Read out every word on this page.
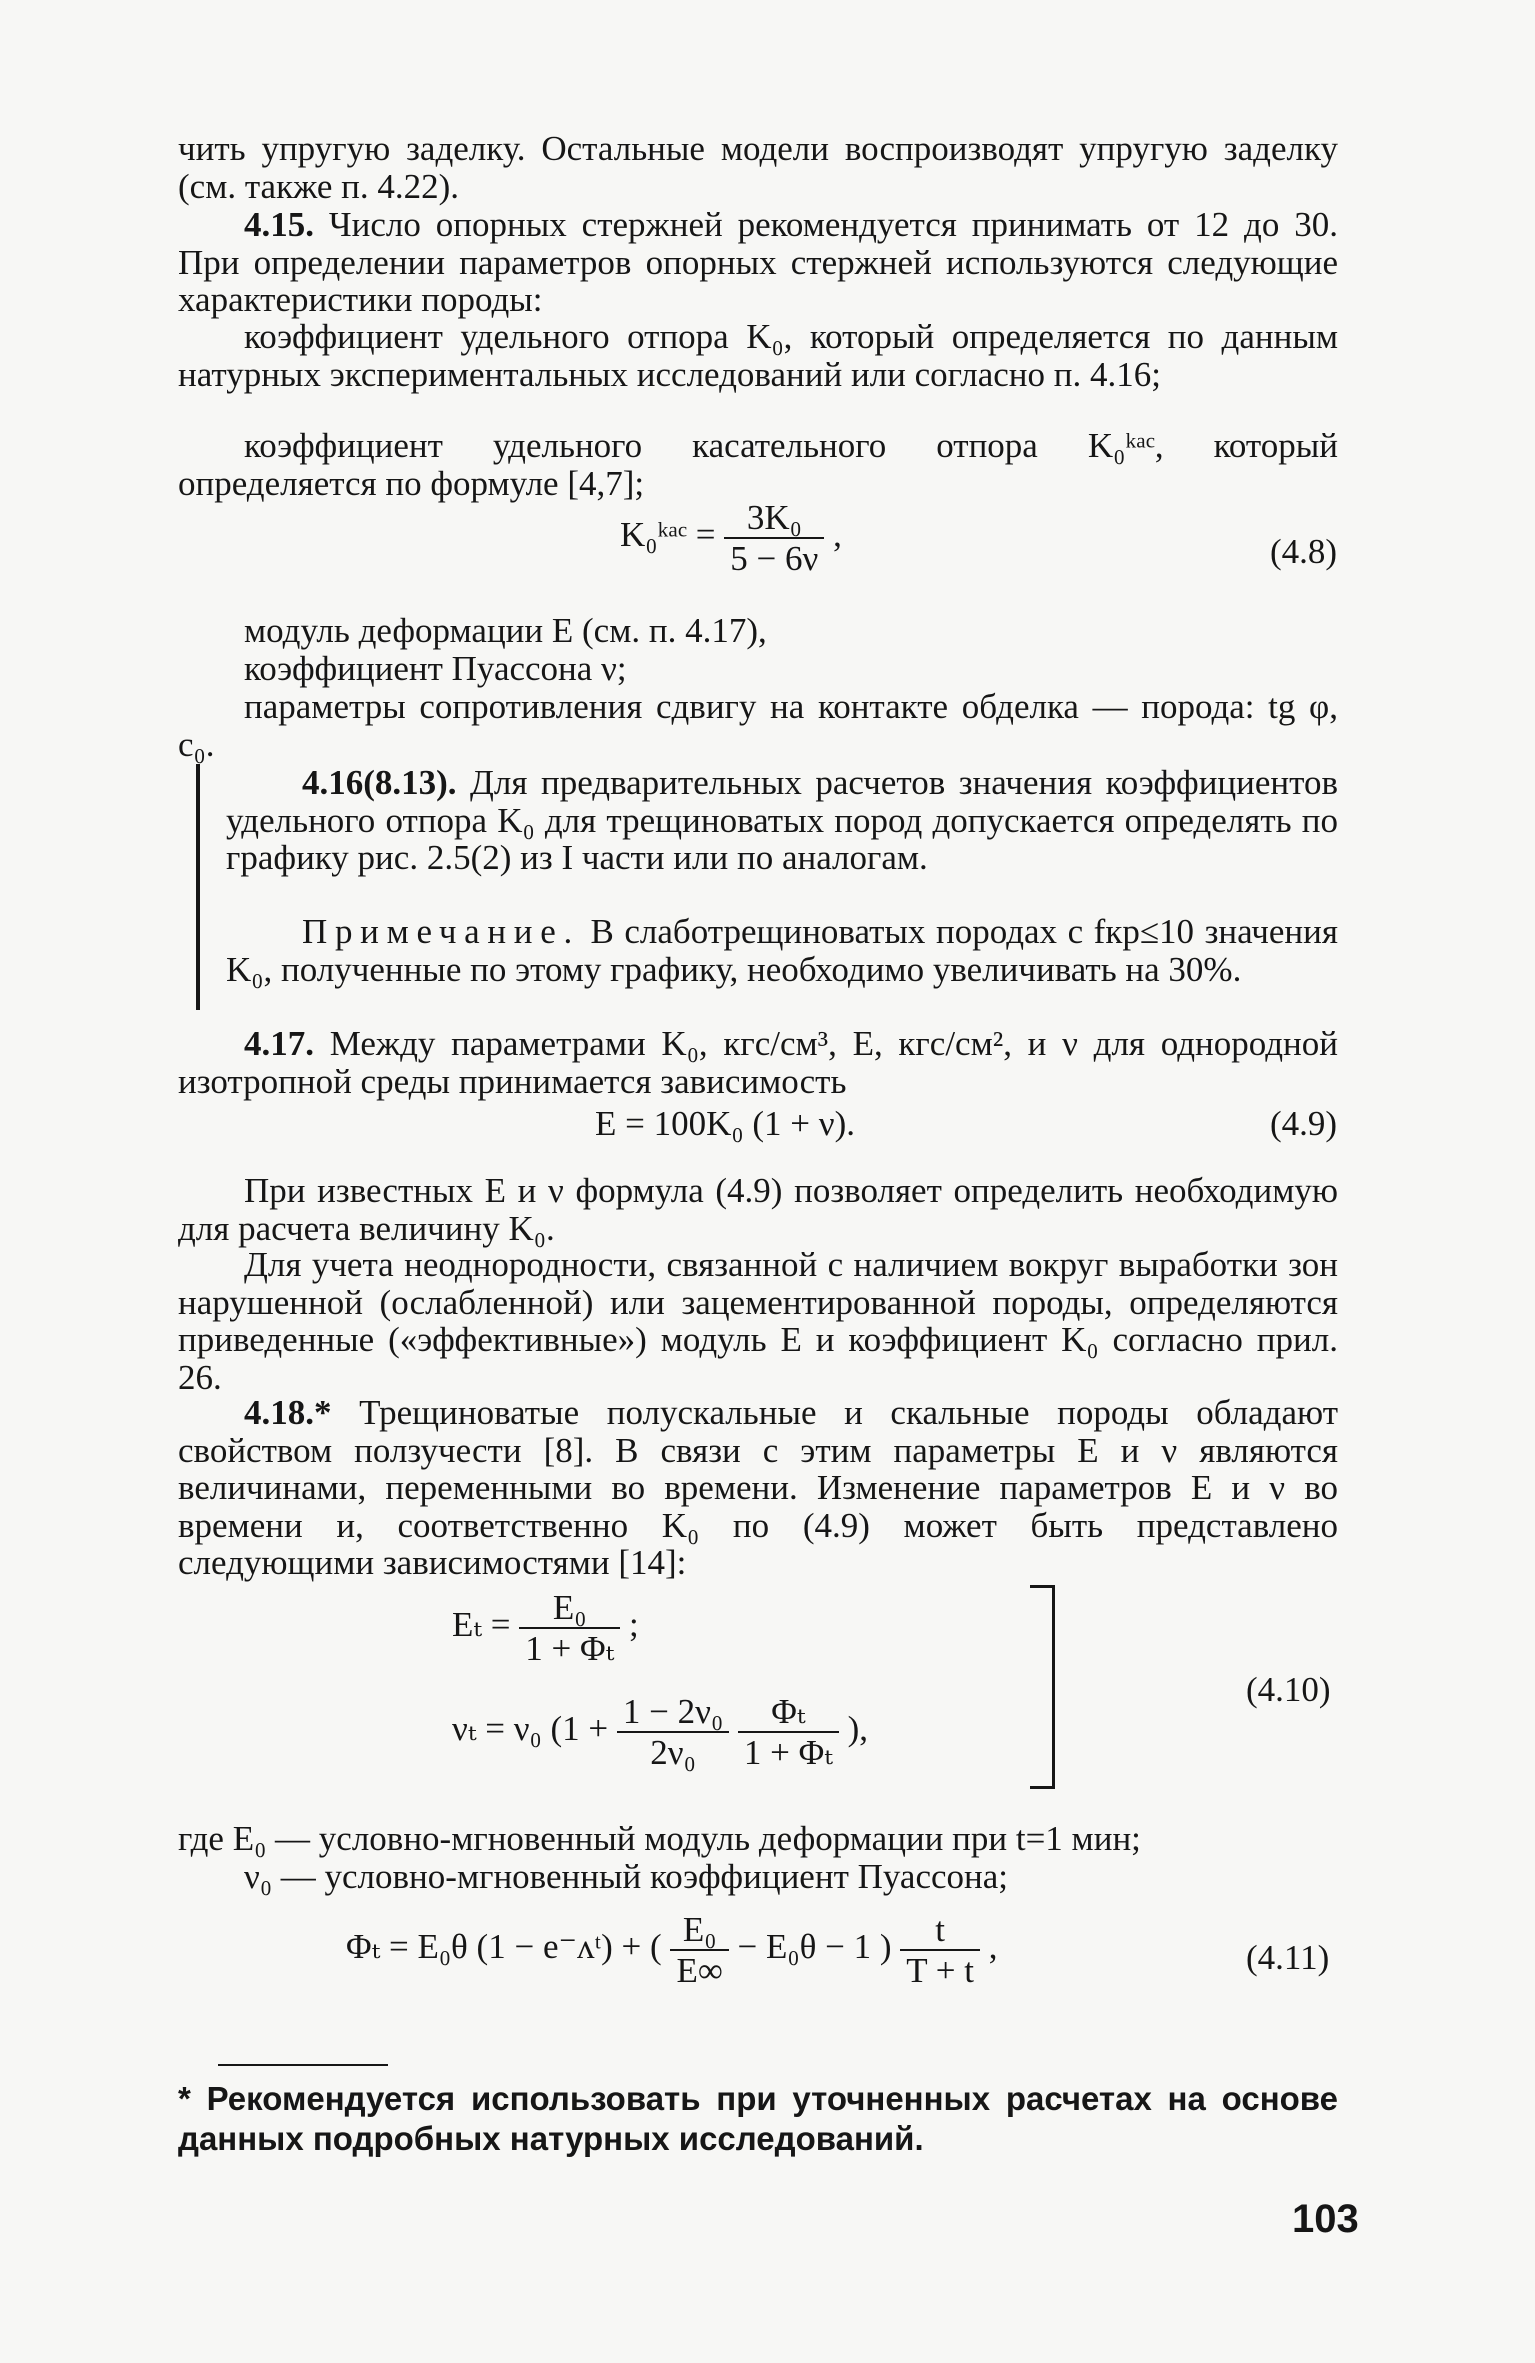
чить упругую заделку. Остальные модели воспроизводят упругую заделку (см. также п. 4.22).

4.15. Число опорных стержней рекомендуется принимать от 12 до 30. При определении параметров опорных стержней используются следующие характеристики породы:

коэффициент удельного отпора K₀, который определяется по данным натурных экспериментальных исследований или согласно п. 4.16;

коэффициент удельного касательного отпора K₀ᵏᵃᶜ, который определяется по формуле [4,7];

K₀ᵏᵃᶜ = $\frac{\text{3K₀}}{5 - 6\nu}$ ,	(4.8)

модуль деформации E (см. п. 4.17),

коэффициент Пуассона ν;

параметры сопротивления сдвигу на контакте обделка — порода: tg φ, c₀.

4.16(8.13). Для предварительных расчетов значения коэффициентов удельного отпора K₀ для трещиноватых пород допускается определять по графику рис. 2.5(2) из I части или по аналогам.

Примечание. В слаботрещиноватых породах с fкр≤10 значения K₀, полученные по этому графику, необходимо увеличивать на 30%.

4.17. Между параметрами K₀, кгс/см³, E, кгс/см², и ν для однородной изотропной среды принимается зависимость

E = 100K₀ (1 + ν).	(4.9)

При известных E и ν формула (4.9) позволяет определить необходимую для расчета величину K₀.

Для учета неоднородности, связанной с наличием вокруг выработки зон нарушенной (ослабленной) или зацементированной породы, определяются приведенные («эффективные») модуль E и коэффициент K₀ согласно прил. 26.

4.18.* Трещиноватые полускальные и скальные породы обладают свойством ползучести [8]. В связи с этим параметры E и ν являются величинами, переменными во времени. Изменение параметров E и ν во времени и, соответственно K₀ по (4.9) может быть представлено следующими зависимостями [14]:

$E_t = \frac{\text{E₀}}{\text{1 + Φₜ}}$ ;
νₜ = ν₀ ($1 + \frac{\text{1 − 2ν₀}}{\text{2ν₀}}$
$\frac{\text{Φₜ}}{\text{1 + Φₜ}}$ ),
(4.10)

где E₀ — условно-мгновенный модуль деформации при t=1 мин;

ν₀ — условно-мгновенный коэффициент Пуассона;

Φₜ = E₀θ (1 − e⁻ᴧᵗ) + ( $\frac{\text{E₀}}{E\infty} - E_0\theta - 1$ ) $\frac{t}{T + t}$ ,	(4.11)
* Рекомендуется использовать при уточненных расчетах на основе данных подробных натурных исследований.
103
